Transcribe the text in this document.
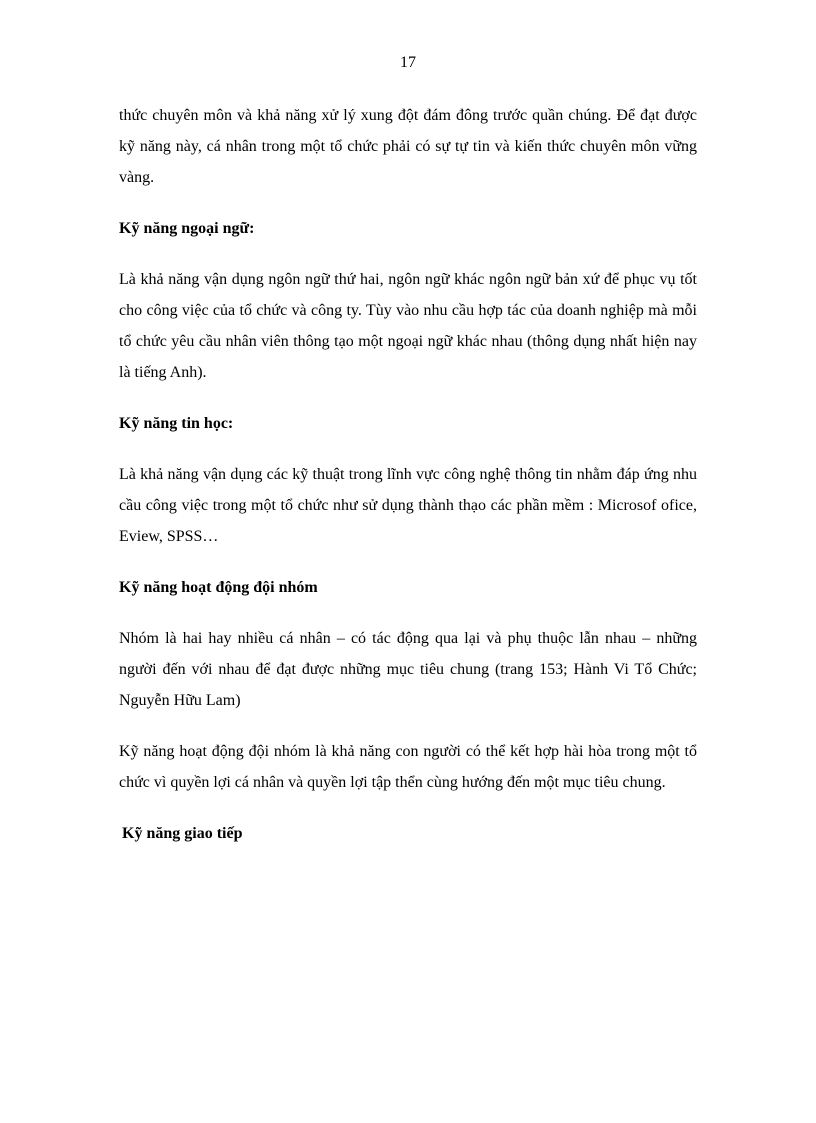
17

thức chuyên môn và khả năng xử lý xung đột đám đông trước quần chúng. Để đạt được kỹ năng này, cá nhân trong một tổ chức phải có sự tự tin và kiến thức chuyên môn vững vàng.

Kỹ năng ngoại ngữ:

Là khả năng vận dụng ngôn ngữ thứ hai, ngôn ngữ khác ngôn ngữ bản xứ để phục vụ tốt cho công việc của tổ chức và công ty. Tùy vào nhu cầu hợp tác của doanh nghiệp mà mỗi tổ chức yêu cầu nhân viên thông tạo một ngoại ngữ khác nhau (thông dụng nhất hiện nay là tiếng Anh).

Kỹ năng tin học:

Là khả năng vận dụng các kỹ thuật trong lĩnh vực công nghệ thông tin nhằm đáp ứng nhu cầu công việc trong một tổ chức như sử dụng thành thạo các phần mềm : Microsof ofice, Eview, SPSS…

Kỹ năng hoạt động đội nhóm

Nhóm là hai hay nhiều cá nhân – có tác động qua lại và phụ thuộc lẫn nhau – những người đến với nhau để đạt được những mục tiêu chung (trang 153; Hành Vi Tổ Chức; Nguyễn Hữu Lam)

Kỹ năng hoạt động đội nhóm là khả năng con người có thể kết hợp hài hòa trong một tổ chức vì quyền lợi cá nhân và quyền lợi tập thển cùng hướng đến một mục tiêu chung.

Kỹ năng giao tiếp
